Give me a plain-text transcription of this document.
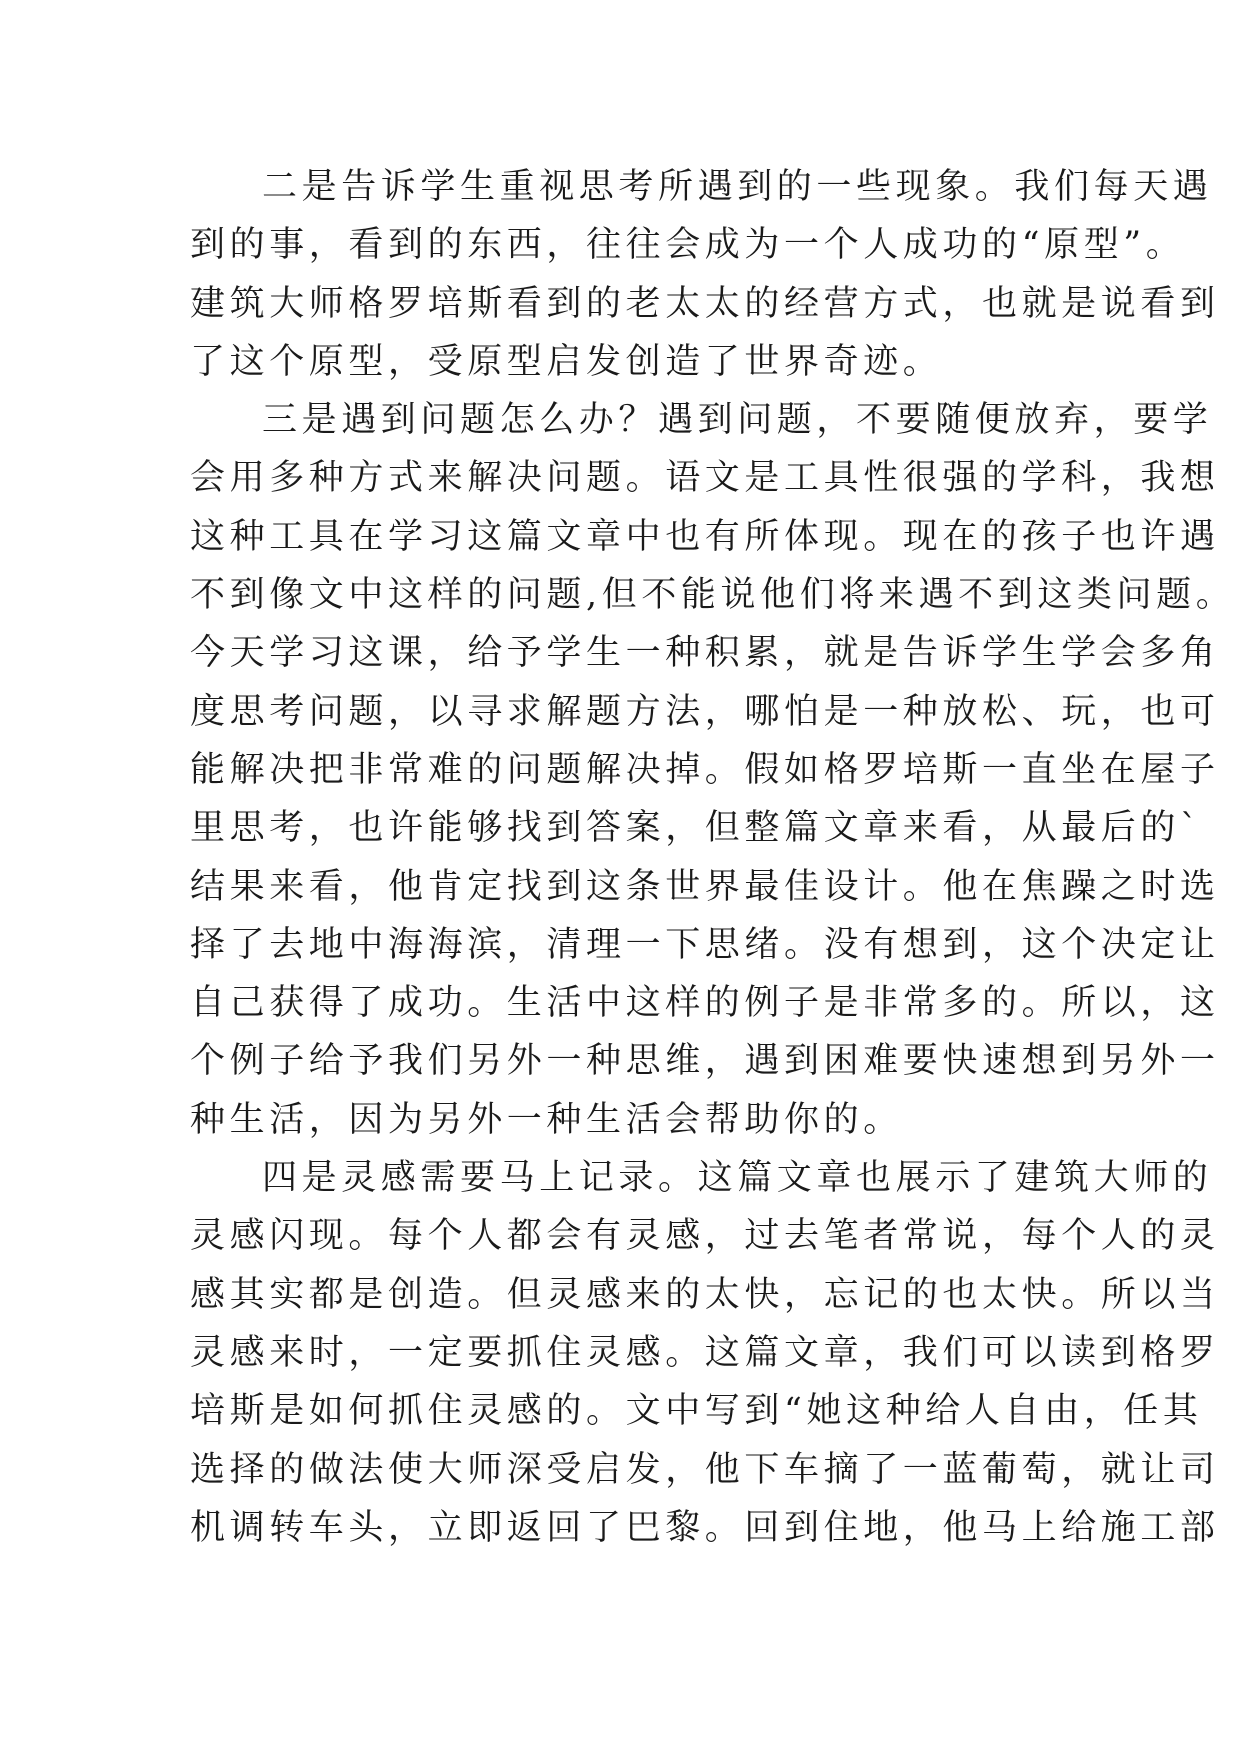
二是告诉学生重视思考所遇到的一些现象。我们每天遇
到的事，看到的东西，往往会成为一个人成功的“原型”。
建筑大师格罗培斯看到的老太太的经营方式，也就是说看到
了这个原型，受原型启发创造了世界奇迹。
三是遇到问题怎么办？遇到问题，不要随便放弃，要学
会用多种方式来解决问题。语文是工具性很强的学科，我想
这种工具在学习这篇文章中也有所体现。现在的孩子也许遇
不到像文中这样的问题,但不能说他们将来遇不到这类问题。
今天学习这课，给予学生一种积累，就是告诉学生学会多角
度思考问题，以寻求解题方法，哪怕是一种放松、玩，也可
能解决把非常难的问题解决掉。假如格罗培斯一直坐在屋子
里思考，也许能够找到答案，但整篇文章来看，从最后的`
结果来看，他肯定找到这条世界最佳设计。他在焦躁之时选
择了去地中海海滨，清理一下思绪。没有想到，这个决定让
自己获得了成功。生活中这样的例子是非常多的。所以，这
个例子给予我们另外一种思维，遇到困难要快速想到另外一
种生活，因为另外一种生活会帮助你的。
四是灵感需要马上记录。这篇文章也展示了建筑大师的
灵感闪现。每个人都会有灵感，过去笔者常说，每个人的灵
感其实都是创造。但灵感来的太快，忘记的也太快。所以当
灵感来时，一定要抓住灵感。这篇文章，我们可以读到格罗
培斯是如何抓住灵感的。文中写到“她这种给人自由，任其
选择的做法使大师深受启发，他下车摘了一蓝葡萄，就让司
机调转车头，立即返回了巴黎。回到住地，他马上给施工部
